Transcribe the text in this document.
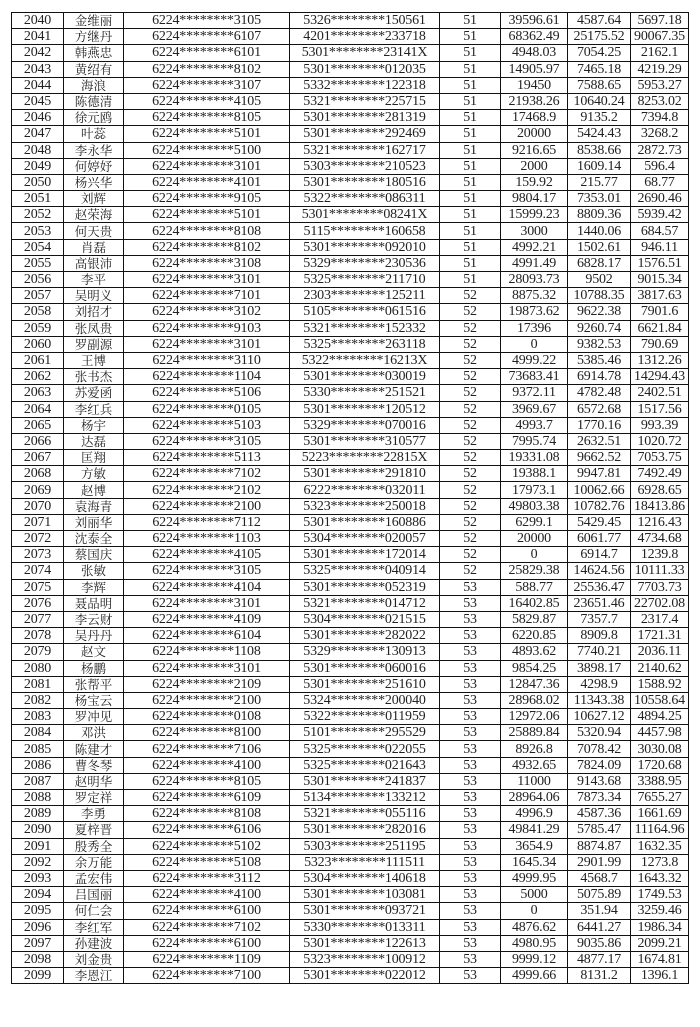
2040	金维丽	6224********3105	5326********150561	51	39596.61	4587.64	5697.18
2041	方继丹	6224********6107	4201********233718	51	68362.49	25175.52	90067.35
2042	韩燕忠	6224********6101	5301********23141X	51	4948.03	7054.25	2162.1
2043	黄绍有	6224********8102	5301********012035	51	14905.97	7465.18	4219.29
2044	海浪	6224********3107	5332********122318	51	19450	7588.65	5953.27
2045	陈德清	6224********4105	5321********225715	51	21938.26	10640.24	8253.02
2046	徐元鸥	6224********8105	5301********281319	51	17468.9	9135.2	7394.8
2047	叶蕊	6224********5101	5301********292469	51	20000	5424.43	3268.2
2048	李永华	6224********5100	5321********162717	51	9216.65	8538.66	2872.73
2049	何婷妤	6224********3101	5303********210523	51	2000	1609.14	596.4
2050	杨兴华	6224********4101	5301********180516	51	159.92	215.77	68.77
2051	刘辉	6224********9105	5322********086311	51	9804.17	7353.01	2690.46
2052	赵荣海	6224********5101	5301********08241X	51	15999.23	8809.36	5939.42
2053	何天贵	6224********8108	5115********160658	51	3000	1440.06	684.57
2054	肖磊	6224********8102	5301********092010	51	4992.21	1502.61	946.11
2055	高银沛	6224********3108	5329********230536	51	4991.49	6828.17	1576.51
2056	李平	6224********3101	5325********211710	51	28093.73	9502	9015.34
2057	吴明义	6224********7101	2303********125211	52	8875.32	10788.35	3817.63
2058	刘招才	6224********3102	5105********061516	52	19873.62	9622.38	7901.6
2059	张凤贵	6224********9103	5321********152332	52	17396	9260.74	6621.84
2060	罗副源	6224********3101	5325********263118	52	0	9382.53	790.69
2061	王博	6224********3110	5322********16213X	52	4999.22	5385.46	1312.26
2062	张书杰	6224********1104	5301********030019	52	73683.41	6914.78	14294.43
2063	苏爱函	6224********5106	5330********251521	52	9372.11	4782.48	2402.51
2064	李红兵	6224********0105	5301********120512	52	3969.67	6572.68	1517.56
2065	杨宇	6224********5103	5329********070016	52	4993.7	1770.16	993.39
2066	达磊	6224********3105	5301********310577	52	7995.74	2632.51	1020.72
2067	匡翔	6224********5113	5223********22815X	52	19331.08	9662.52	7053.75
2068	方敏	6224********7102	5301********291810	52	19388.1	9947.81	7492.49
2069	赵博	6224********2102	6222********032011	52	17973.1	10062.66	6928.65
2070	袁海青	6224********2100	5323********250018	52	49803.38	10782.76	18413.86
2071	刘丽华	6224********7112	5301********160886	52	6299.1	5429.45	1216.43
2072	沈泰全	6224********1103	5304********020057	52	20000	6061.77	4734.68
2073	蔡国庆	6224********4105	5301********172014	52	0	6914.7	1239.8
2074	张敏	6224********3105	5325********040914	52	25829.38	14624.56	10111.33
2075	李辉	6224********4104	5301********052319	53	588.77	25536.47	7703.73
2076	聂品明	6224********3101	5321********014712	53	16402.85	23651.46	22702.08
2077	李云财	6224********4109	5304********021515	53	5829.87	7357.7	2317.4
2078	吴丹丹	6224********6104	5301********282022	53	6220.85	8909.8	1721.31
2079	赵文	6224********1108	5329********130913	53	4893.62	7740.21	2036.11
2080	杨鹏	6224********3101	5301********060016	53	9854.25	3898.17	2140.62
2081	张帮平	6224********2109	5301********251610	53	12847.36	4298.9	1588.92
2082	杨宝云	6224********2100	5324********200040	53	28968.02	11343.38	10558.64
2083	罗冲见	6224********0108	5322********011959	53	12972.06	10627.12	4894.25
2084	邓洪	6224********8100	5101********295529	53	25889.84	5320.94	4457.98
2085	陈建才	6224********7106	5325********022055	53	8926.8	7078.42	3030.08
2086	曹冬琴	6224********4100	5325********021643	53	4932.65	7824.09	1720.68
2087	赵明华	6224********8105	5301********241837	53	11000	9143.68	3388.95
2088	罗定祥	6224********6109	5134********133212	53	28964.06	7873.34	7655.27
2089	李勇	6224********8108	5321********055116	53	4996.9	4587.36	1661.69
2090	夏梓晋	6224********6106	5301********282016	53	49841.29	5785.47	11164.96
2091	殷秀全	6224********5102	5303********251195	53	3654.9	8874.87	1632.35
2092	余万能	6224********5108	5323********111511	53	1645.34	2901.99	1273.8
2093	孟宏伟	6224********3112	5304********140618	53	4999.95	4568.7	1643.32
2094	吕国丽	6224********4100	5301********103081	53	5000	5075.89	1749.53
2095	何仁会	6224********6100	5301********093721	53	0	351.94	3259.46
2096	李红军	6224********7102	5330********013311	53	4876.62	6441.27	1986.34
2097	孙建波	6224********6100	5301********122613	53	4980.95	9035.86	2099.21
2098	刘金贵	6224********1109	5323********100912	53	9999.12	4877.17	1674.81
2099	李恩江	6224********7100	5301********022012	53	4999.66	8131.2	1396.1
